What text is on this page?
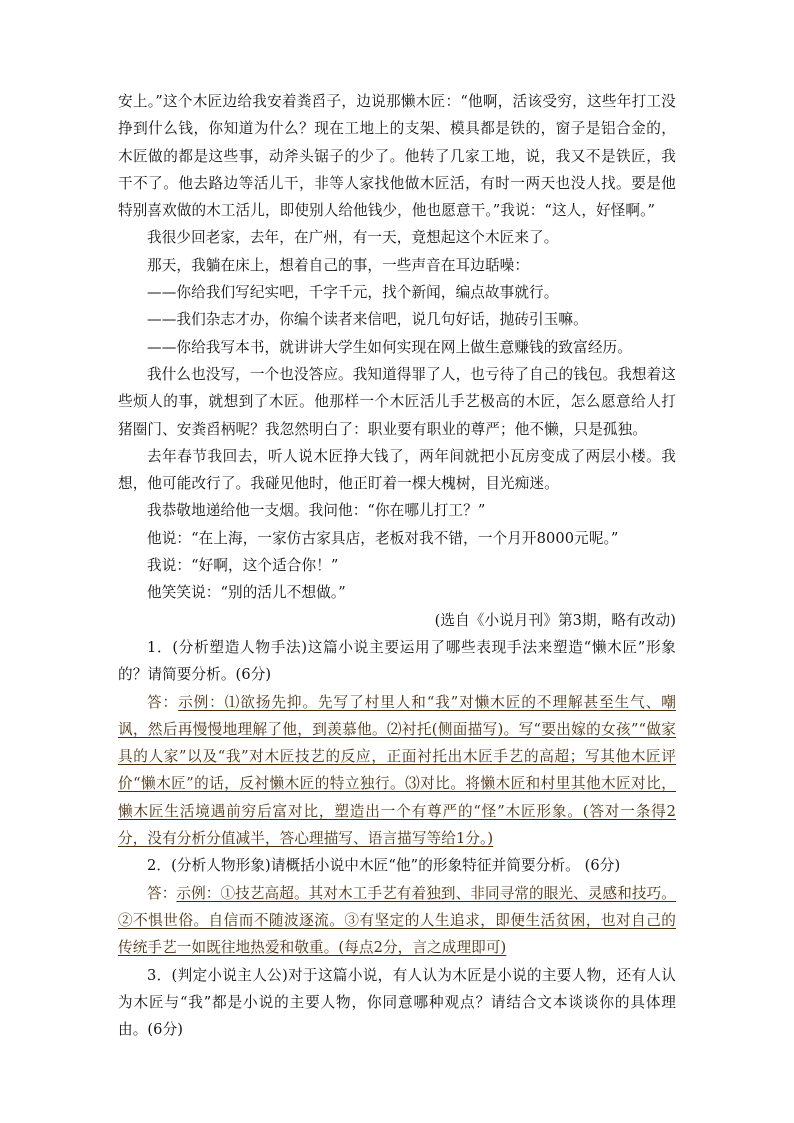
安上。”这个木匠边给我安着粪舀子，边说那懒木匠：“他啊，活该受穷，这些年打工没挣到什么钱，你知道为什么？现在工地上的支架、模具都是铁的，窗子是铝合金的，木匠做的都是这些事，动斧头锯子的少了。他转了几家工地，说，我又不是铁匠，我干不了。他去路边等活儿干，非等人家找他做木匠活，有时一两天也没人找。要是他特别喜欢做的木工活儿，即使别人给他钱少，他也愿意干。”我说：“这人，好怪啊。”

我很少回老家，去年，在广州，有一天，竟想起这个木匠来了。

那天，我躺在床上，想着自己的事，一些声音在耳边聒噪：

——你给我们写纪实吧，千字千元，找个新闻，编点故事就行。

——我们杂志才办，你编个读者来信吧，说几句好话，抛砖引玉嘛。

——你给我写本书，就讲讲大学生如何实现在网上做生意赚钱的致富经历。

我什么也没写，一个也没答应。我知道得罪了人，也亏待了自己的钱包。我想着这些烦人的事，就想到了木匠。他那样一个木匠活儿手艺极高的木匠，怎么愿意给人打猪圈门、安粪舀柄呢？我忽然明白了：职业要有职业的尊严；他不懒，只是孤独。

去年春节我回去，听人说木匠挣大钱了，两年间就把小瓦房变成了两层小楼。我想，他可能改行了。我碰见他时，他正盯着一棵大槐树，目光痴迷。

我恭敬地递给他一支烟。我问他：“你在哪儿打工？”

他说：“在上海，一家仿古家具店，老板对我不错，一个月开8000元呢。”

我说：“好啊，这个适合你！”

他笑笑说：“别的活儿不想做。”

(选自《小说月刊》第3期，略有改动)

1．(分析塑造人物手法)这篇小说主要运用了哪些表现手法来塑造“懒木匠”形象的？请简要分析。(6分)

答：示例：⑴欲扬先抑。先写了村里人和“我”对懒木匠的不理解甚至生气、嘲讽，然后再慢慢地理解了他，到羡慕他。⑵衬托(侧面描写)。写“要出嫁的女孩”“做家具的人家”以及“我”对木匠技艺的反应，正面衬托出木匠手艺的高超；写其他木匠评价“懒木匠”的话，反衬懒木匠的特立独行。⑶对比。将懒木匠和村里其他木匠对比，懒木匠生活境遇前穷后富对比，塑造出一个有尊严的“怪”木匠形象。(答对一条得2分，没有分析分值减半，答心理描写、语言描写等给1分。)

2．(分析人物形象)请概括小说中木匠“他”的形象特征并简要分析。 (6分)

答：示例：①技艺高超。其对木工手艺有着独到、非同寻常的眼光、灵感和技巧。②不惧世俗。自信而不随波逐流。③有坚定的人生追求，即便生活贫困，也对自己的传统手艺一如既往地热爱和敬重。(每点2分，言之成理即可)

3．(判定小说主人公)对于这篇小说，有人认为木匠是小说的主要人物，还有人认为木匠与“我”都是小说的主要人物，你同意哪种观点？请结合文本谈谈你的具体理由。(6分)
